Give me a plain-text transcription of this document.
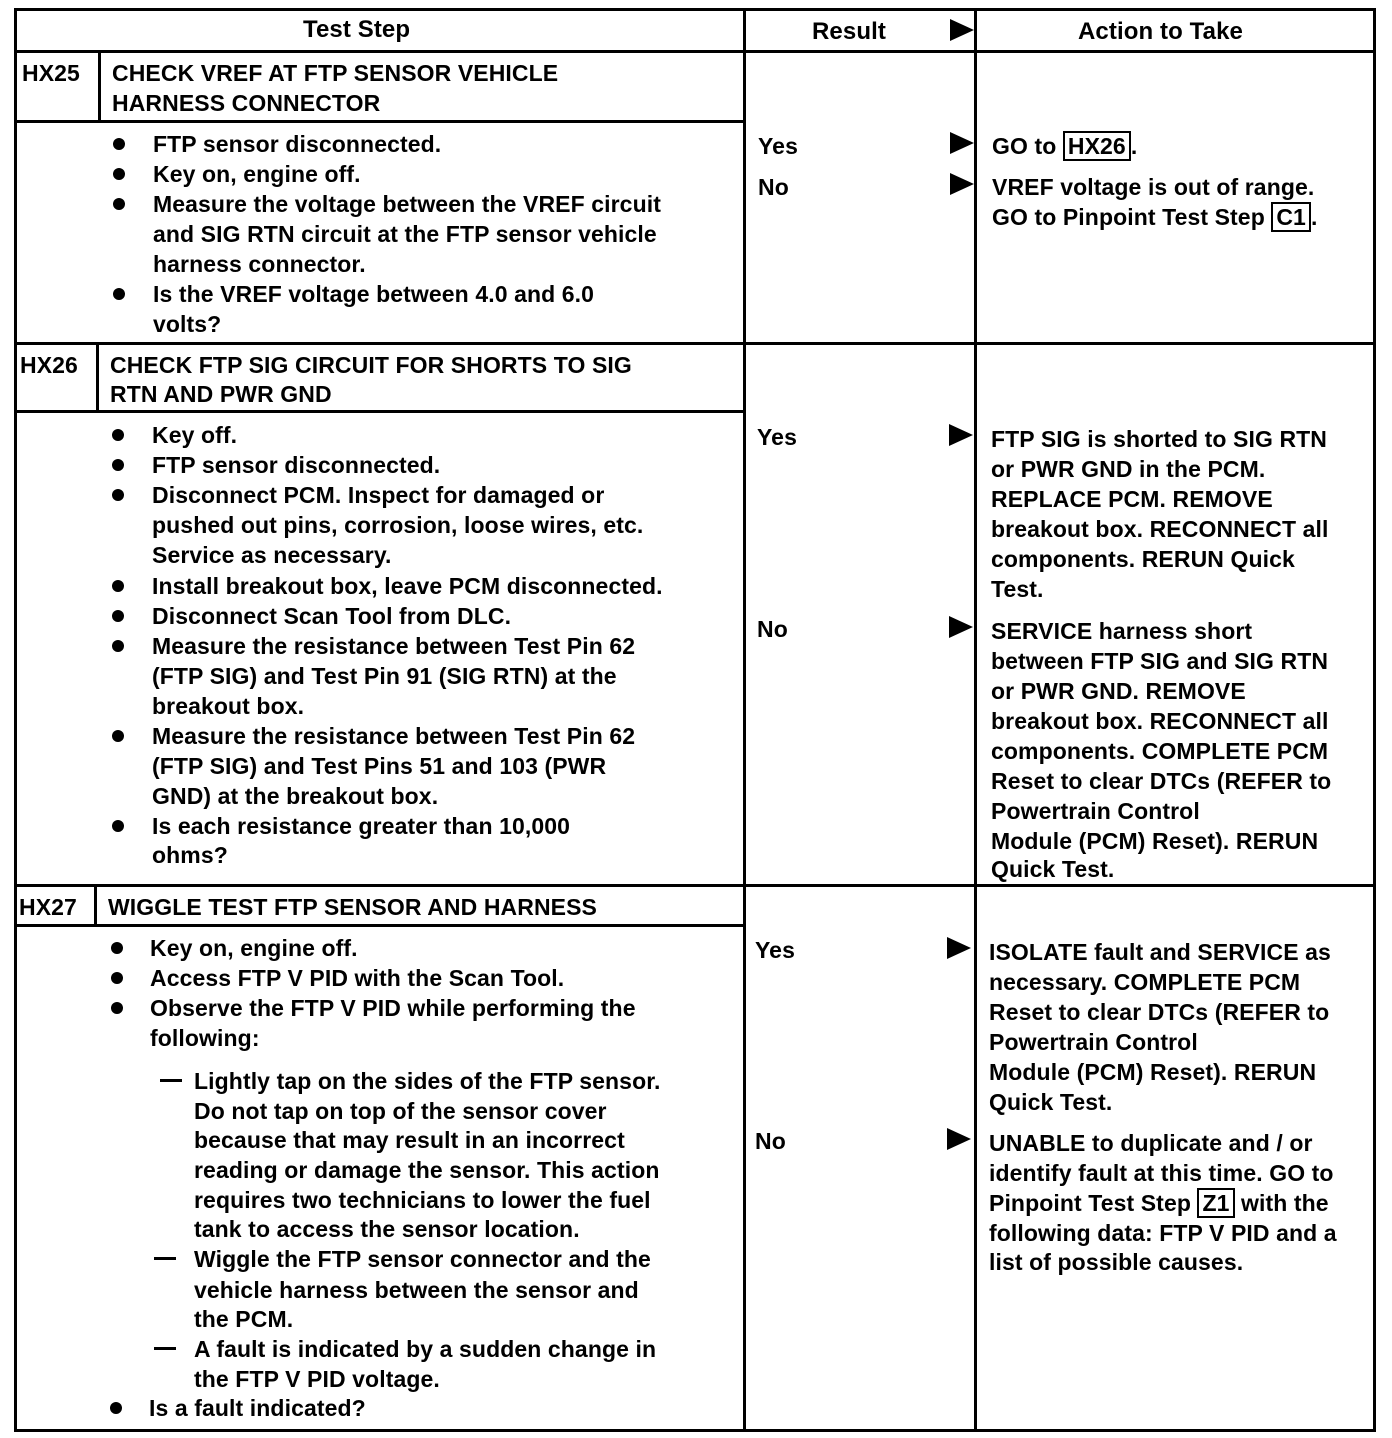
Test Step	Result	Action to Take
HX25 CHECK VREF AT FTP SENSOR VEHICLE
HARNESS CONNECTOR
FTP sensor disconnected.
Key on, engine off.
Measure the voltage between the VREF circuit
and SIG RTN circuit at the FTP sensor vehicle
harness connector.
Is the VREF voltage between 4.0 and 6.0
volts?
Yes
No
GO to HX26 .
VREF voltage is out of range.
GO to Pinpoint Test Step C1 .
HX26 CHECK FTP SIG CIRCUIT FOR SHORTS TO SIG
RTN AND PWR GND
Key off.
FTP sensor disconnected.
Disconnect PCM. Inspect for damaged or
pushed out pins, corrosion, loose wires, etc.
Service as necessary.
Install breakout box, leave PCM disconnected.
Disconnect Scan Tool from DLC.
Measure the resistance between Test Pin 62
(FTP SIG) and Test Pin 91 (SIG RTN) at the
breakout box.
Measure the resistance between Test Pin 62
(FTP SIG) and Test Pins 51 and 103 (PWR
GND) at the breakout box.
Is each resistance greater than 10,000
ohms?
Yes
No
FTP SIG is shorted to SIG RTN
or PWR GND in the PCM.
REPLACE PCM. REMOVE
breakout box. RECONNECT all
components. RERUN Quick
Test.
SERVICE harness short
between FTP SIG and SIG RTN
or PWR GND. REMOVE
breakout box. RECONNECT all
components. COMPLETE PCM
Reset to clear DTCs (REFER to
Powertrain Control
Module (PCM) Reset). RERUN
Quick Test.
HX27 WIGGLE TEST FTP SENSOR AND HARNESS
Key on, engine off.
Access FTP V PID with the Scan Tool.
Observe the FTP V PID while performing the
following:
Lightly tap on the sides of the FTP sensor.
Do not tap on top of the sensor cover
because that may result in an incorrect
reading or damage the sensor. This action
requires two technicians to lower the fuel
tank to access the sensor location.
Wiggle the FTP sensor connector and the
vehicle harness between the sensor and
the PCM.
A fault is indicated by a sudden change in
the FTP V PID voltage.
Is a fault indicated?
Yes
No
ISOLATE fault and SERVICE as
necessary. COMPLETE PCM
Reset to clear DTCs (REFER to
Powertrain Control
Module (PCM) Reset). RERUN
Quick Test.
UNABLE to duplicate and / or
identify fault at this time. GO to
Pinpoint Test Step Z1 with the
following data: FTP V PID and a
list of possible causes.
